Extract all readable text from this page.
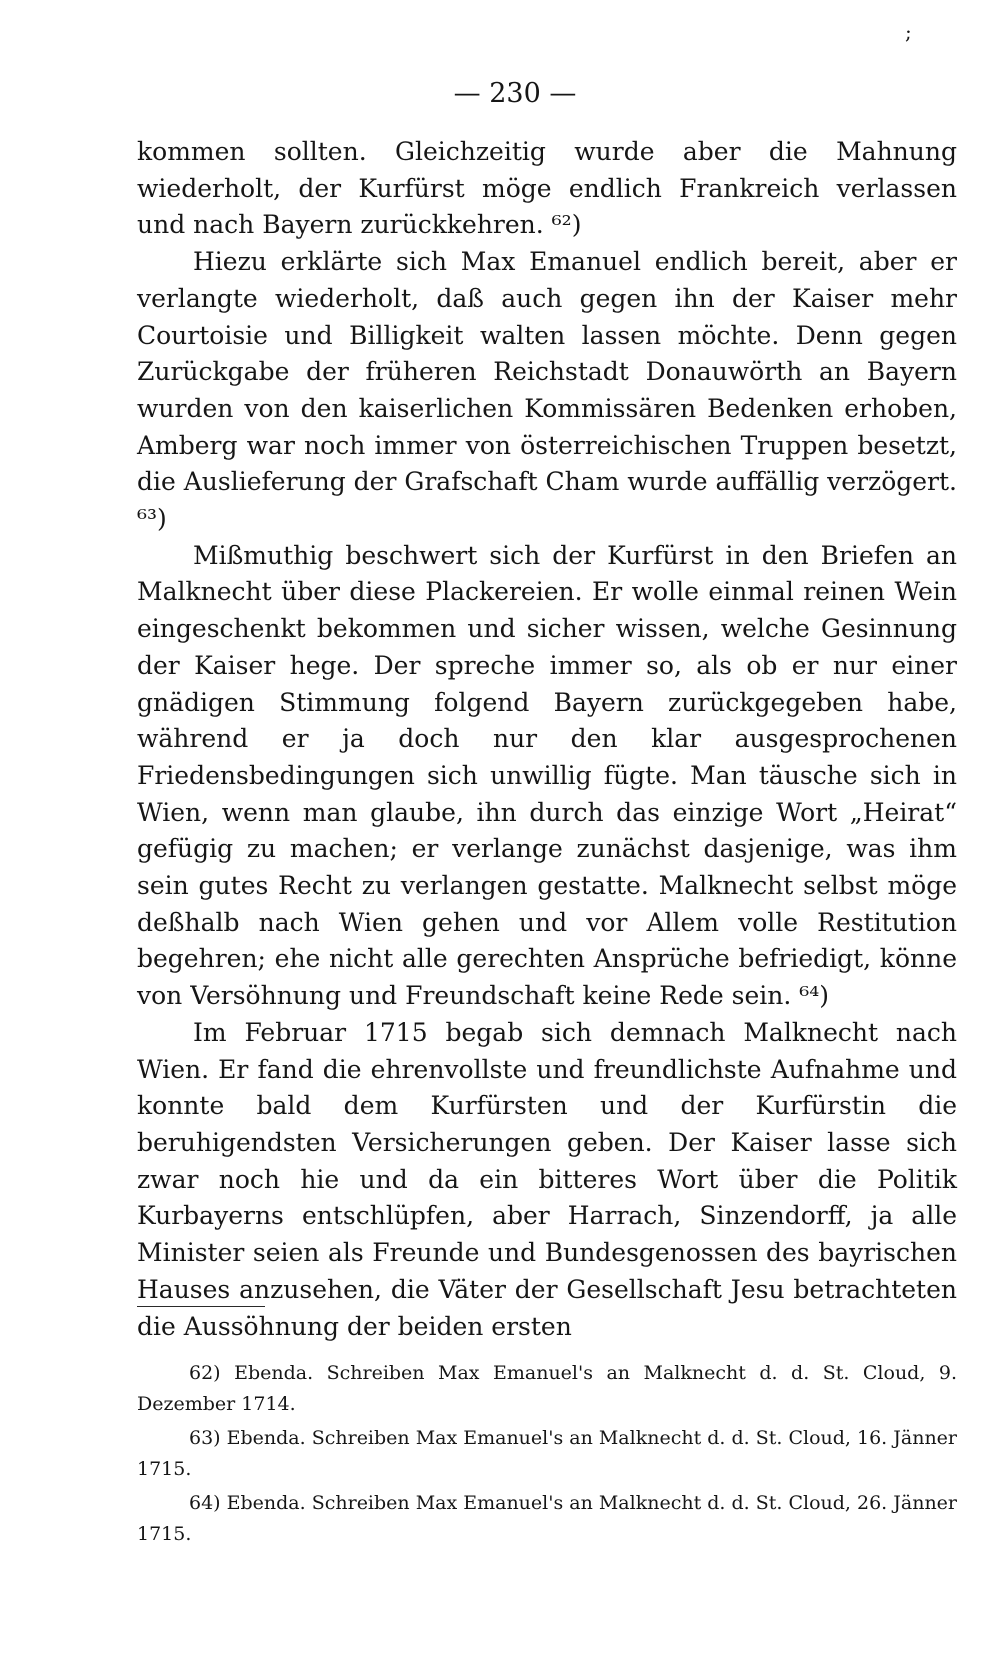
;
— 230 —

kommen sollten. Gleichzeitig wurde aber die Mahnung wiederholt, der Kurfürst möge endlich Frankreich verlassen und nach Bayern zurückkehren. ⁶²)

Hiezu erklärte sich Max Emanuel endlich bereit, aber er verlangte wiederholt, daß auch gegen ihn der Kaiser mehr Courtoisie und Billigkeit walten lassen möchte. Denn gegen Zurückgabe der früheren Reichstadt Donauwörth an Bayern wurden von den kaiserlichen Kommissären Bedenken erhoben, Amberg war noch immer von österreichischen Truppen besetzt, die Auslieferung der Grafschaft Cham wurde auffällig verzögert. ⁶³)

Mißmuthig beschwert sich der Kurfürst in den Briefen an Malknecht über diese Plackereien. Er wolle einmal reinen Wein eingeschenkt bekommen und sicher wissen, welche Gesinnung der Kaiser hege. Der spreche immer so, als ob er nur einer gnädigen Stimmung folgend Bayern zurückgegeben habe, während er ja doch nur den klar ausgesprochenen Friedensbedingungen sich unwillig fügte. Man täusche sich in Wien, wenn man glaube, ihn durch das einzige Wort „Heirat“ gefügig zu machen; er verlange zunächst dasjenige, was ihm sein gutes Recht zu verlangen gestatte. Malknecht selbst möge deßhalb nach Wien gehen und vor Allem volle Restitution begehren; ehe nicht alle gerechten Ansprüche befriedigt, könne von Versöhnung und Freundschaft keine Rede sein. ⁶⁴)

Im Februar 1715 begab sich demnach Malknecht nach Wien. Er fand die ehrenvollste und freundlichste Aufnahme und konnte bald dem Kurfürsten und der Kurfürstin die beruhigendsten Versicherungen geben. Der Kaiser lasse sich zwar noch hie und da ein bitteres Wort über die Politik Kurbayerns entschlüpfen, aber Harrach, Sinzendorff, ja alle Minister seien als Freunde und Bundesgenossen des bayrischen Hauses anzusehen, die Väter der Gesellschaft Jesu betrachteten die Aussöhnung der beiden ersten

62) Ebenda. Schreiben Max Emanuel's an Malknecht d. d. St. Cloud, 9. Dezember 1714.

63) Ebenda. Schreiben Max Emanuel's an Malknecht d. d. St. Cloud, 16. Jänner 1715.

64) Ebenda. Schreiben Max Emanuel's an Malknecht d. d. St. Cloud, 26. Jänner 1715.
